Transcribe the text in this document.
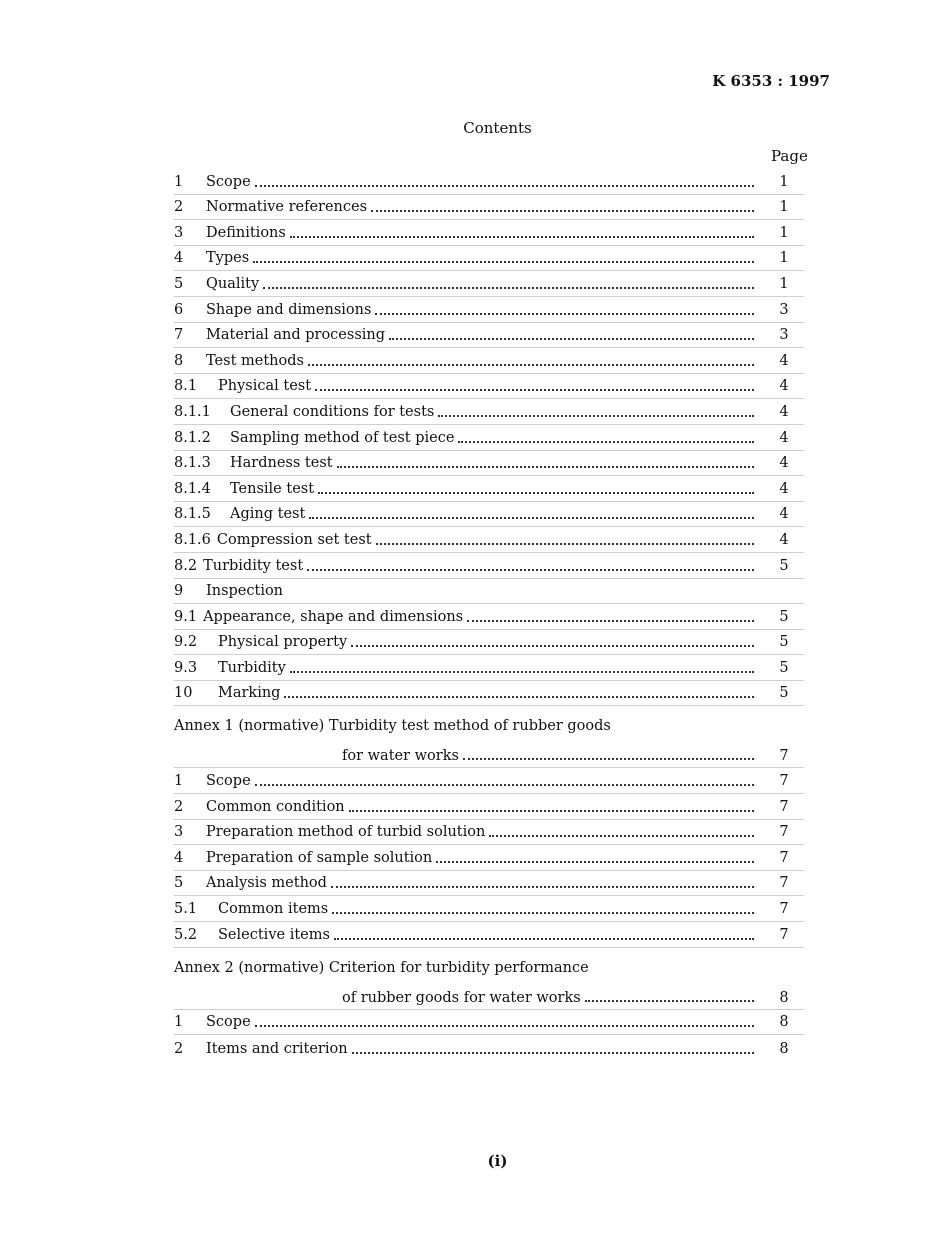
K 6353 : 1997
Contents
Page
1	Scope	1
2	Normative references	1
3	Definitions	1
4	Types	1
5	Quality	1
6	Shape and dimensions	3
7	Material and processing	3
8	Test methods	4
8.1	Physical test	4
8.1.1	General conditions for tests	4
8.1.2	Sampling method of test piece	4
8.1.3	Hardness test	4
8.1.4	Tensile test	4
8.1.5	Aging test	4
8.1.6 Compression set test	4
8.2 Turbidity test	5
9	Inspection
9.1 Appearance, shape and dimensions	5
9.2	Physical property	5
9.3	Turbidity	5
10	Marking	5
Annex 1 (normative) Turbidity test method of rubber goods
for water works	7
1	Scope	7
2	Common condition	7
3	Preparation method of turbid solution	7
4	Preparation of sample solution	7
5	Analysis method	7
5.1	Common items	7
5.2	Selective items	7
Annex 2 (normative) Criterion for turbidity performance
of rubber goods for water works	8
1	Scope	8
2	Items and criterion	8
(i)
